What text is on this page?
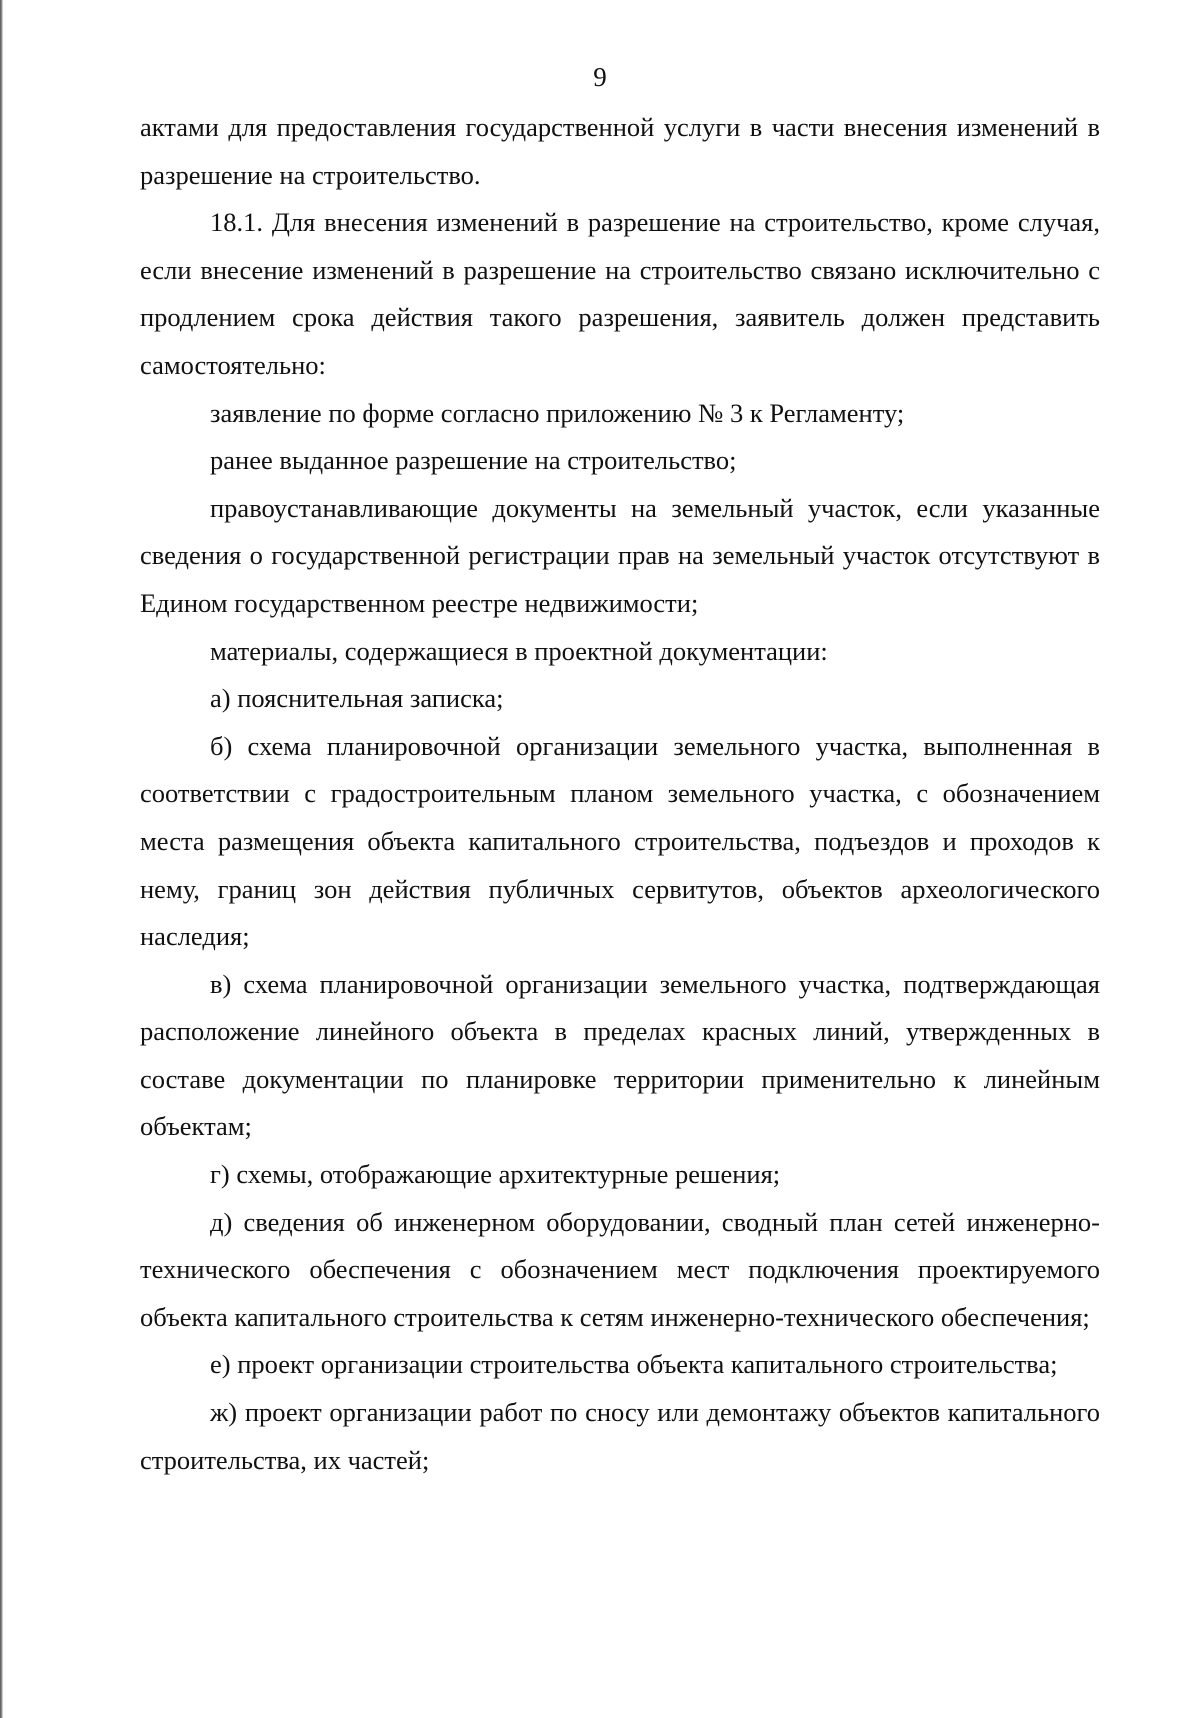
9

актами для предоставления государственной услуги в части внесения изменений в разрешение на строительство.

18.1. Для внесения изменений в разрешение на строительство, кроме случая, если внесение изменений в разрешение на строительство связано исключительно с продлением срока действия такого разрешения, заявитель должен представить самостоятельно:

заявление по форме согласно приложению № 3 к Регламенту;

ранее выданное разрешение на строительство;

правоустанавливающие документы на земельный участок, если указанные сведения о государственной регистрации прав на земельный участок отсутствуют в Едином государственном реестре недвижимости;

материалы, содержащиеся в проектной документации:

а) пояснительная записка;

б) схема планировочной организации земельного участка, выполненная в соответствии с градостроительным планом земельного участка, с обозначением места размещения объекта капитального строительства, подъездов и проходов к нему, границ зон действия публичных сервитутов, объектов археологического наследия;

в) схема планировочной организации земельного участка, подтверждающая расположение линейного объекта в пределах красных линий, утвержденных в составе документации по планировке территории применительно к линейным объектам;

г) схемы, отображающие архитектурные решения;

д) сведения об инженерном оборудовании, сводный план сетей инженерно-технического обеспечения с обозначением мест подключения проектируемого объекта капитального строительства к сетям инженерно-технического обеспечения;

е) проект организации строительства объекта капитального строительства;

ж) проект организации работ по сносу или демонтажу объектов капитального строительства, их частей;
